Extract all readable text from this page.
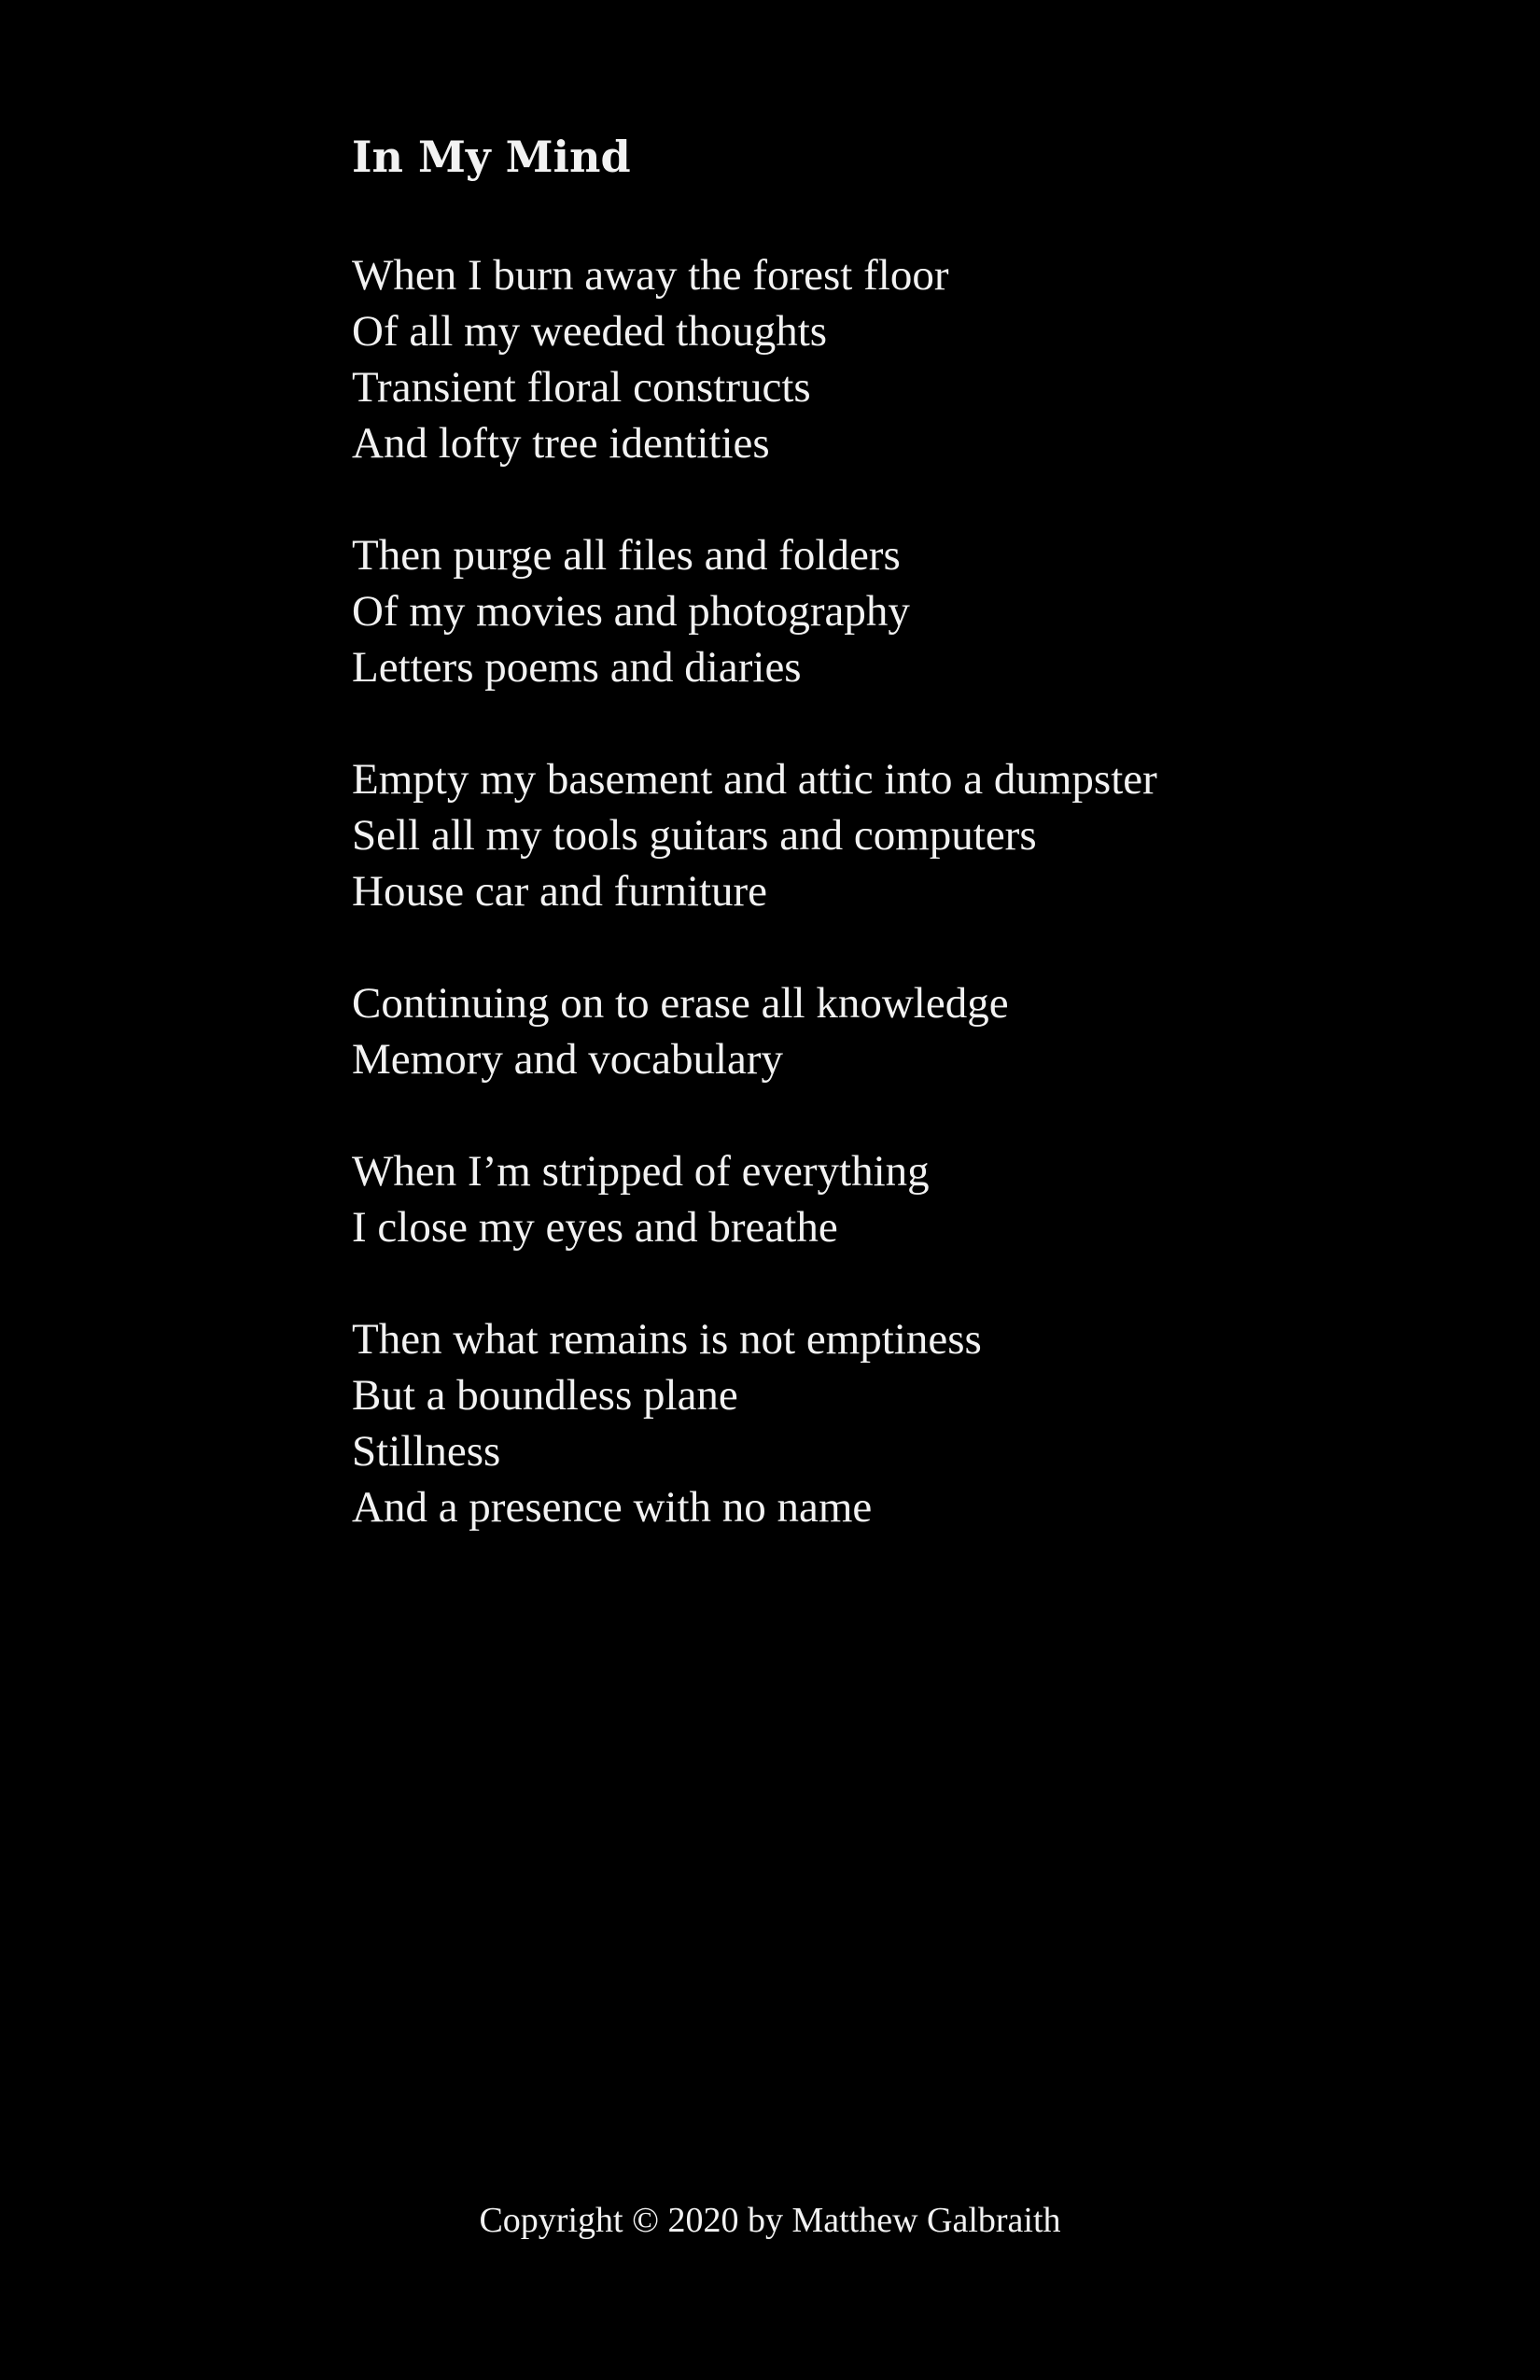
In My Mind
When I burn away the forest floor
Of all my weeded thoughts
Transient floral constructs
And lofty tree identities
Then purge all files and folders
Of my movies and photography
Letters poems and diaries
Empty my basement and attic into a dumpster
Sell all my tools guitars and computers
House car and furniture
Continuing on to erase all knowledge
Memory and vocabulary
When I’m stripped of everything
I close my eyes and breathe
Then what remains is not emptiness
But a boundless plane
Stillness
And a presence with no name
Copyright © 2020 by Matthew Galbraith
